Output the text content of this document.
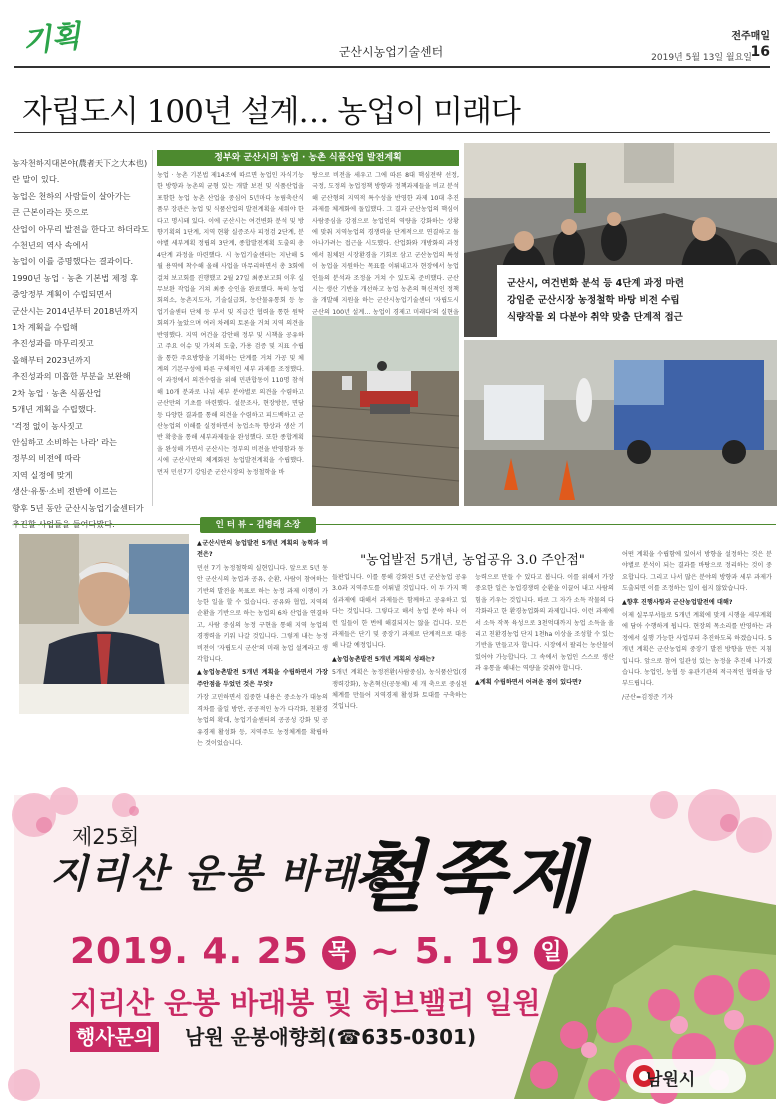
기획	군산시농업기술센터
전주매일
2019년 5월 13일 월요일
16
자립도시 100년 설계… 농업이 미래다

농자천하지대본야(農者天下之大本也)

란 말이 있다.

농업은 천하의 사람들이 살아가는

큰 근본이라는 뜻으로

산업이 아무리 발전을 한다고 하더라도

수천년의 역사 속에서

농업이 이를 증명했다는 결과이다.

1990년 농업 · 농촌 기본법 제정 후

중앙정부 계획이 수립되면서

군산시는 2014년부터 2018년까지

1차 계획을 수립해

추진성과를 마무리짓고

올해부터 2023년까지

추진성과의 미흡한 부분을 보완해

2차 농업 · 농촌 식품산업

5개년 계획을 수립했다.

'걱정 없이 농사짓고

안심하고 소비하는 나라' 라는

정부의 비전에 따라

지역 실정에 맞게

생산·유통·소비 전반에 이르는

향후 5년 동안 군산시농업기술센터가

추진할 사업들을 들여다봤다.

정부와 군산시의 농업 · 농촌 식품산업 발전계획
농업 · 농촌 기본법 제14조에 따르면 농업인 자식기능한 방향과 농촌의 균형 있는 개발 보전 및 식품산업을 포함한 농업 농촌 산업을 중심어 5년마다 농림축산식품부 장관은 농업 및 식품산업의 발전계획을 세워야 한다고 명시돼 있다. 이에 군산시는 여건변화 분석 및 방향기획의 1단계, 지역 현황 실증조사 피정검 2단계, 분야별 세부계획 정립의 3단계, 종합발전계획 도출의 총 4단계 과정을 마련했다. 시 농업기술센터는 지난해 5월 용역에 착수해 올해 사업을 마무리하면서 총 3회에 걸쳐 보고회를 진행했고 2월 27일 최종보고회 이후 실무보완 작업을 거쳐 최종 승인을 완료했다. 특히 농업회의소, 농촌지도자, 기술실급회, 농산물유통회 등 농업기술센터 단체 등 부서 및 직급간 협력을 통한 원탁회의가 높았으며 여러 차례의 토론을 거쳐 지역 의견을 반영했다. 지역 여건을 감안해 정부 및 시책을 공유하고 주요 이슈 및 가치의 도출, 가용 검증 및 지표 수립을 통한 주요방향을 기획하는 단계를 거쳐 가공 및 체계의 기본구성에 따른 구체적인 세부 과제를 조정했다. 이 과정에서 의견수렴을 위해 민관합동이 110명 참석해 10개 분과로 나눠 세부 분야별로 의견을 수렴하고 군산만의 기초를 마련했다. 설문조사, 현장방문, 면담 등 다양한 결과를 통해 의견을 수렴하고 피드백하고 군산농업의 이해를 실정하면서 농업소득 향상과 생산 기반 확충을 통해 세부과제들을 완성했다. 또한 종합계획을 완성해 가면서 군산시는 정부의 비전을 반영함과 동시에 군산시만의 체계화된 농업발전계획을 수립했다. 먼저 민선7기 강임준 군산시장의 농정철학을 바
탕으로 비전을 세우고 그에 따른 8대 핵심전략 선정, 국정, 도정의 농업정책 방향과 정책과제들을 비교 분석해 군산형의 지역적 특수성을 반영한 과제 10대 추진과제를 체계화에 돌입했다. 그 결과 군산농업의 핵심이 사람중심을 강점으로 농업인의 역량을 강화하는 상황에 맞춰 지역농업의 경쟁력을 단계적으로 연결하고 돌아나가려는 접근을 시도했다. 산업화와 개방화의 과정에서 침체된 시장환경을 기회로 삼고 군산농업의 특성이 농업을 지원하는 목표를 이뤄내고자 현장에서 농업인들의 분석과 조정을 거쳐 수 있도록 준비했다. 군산시는 생산 기반을 개선하고 농업 농촌의 혁신적인 정책을 개발해 지원을 하는 군산시농업기술센터 '자립도시 군산의 100년 설계… 농업이 경제고 미래다'의 실현을
군산시, 여건변화 분석 등 4단계 과정 마련
강임준 군산시장 농정철학 바탕 비전 수립
식량작물 외 다분야 취약 맞춤 단계적 접근
인 터 뷰 – 김병래 소장
▲군산시만의 농업발전 5개년 계획의 농학과 비전은?
민선 7기 농정철학의 실현입니다. 앞으로 5년 동안 군산시의 농업과 공유, 순환, 사람이 참여하는 기반의 발전을 목표로 하는 농정 과제 이행이 가능한 일을 할 수 있습니다. 공유와 협업, 지역의 순환을 기반으로 하는 농업의 6차 산업을 연결하고, 사람 중심의 농정 구현을 통해 지역 농업의 경쟁력을 키워 나갈 것입니다. 그렇게 내는 농정 비전이 '자립도시 군산'의 미래 농업 설계라고 생각합니다.
▲농업농촌발전 5개년 계획을 수립하면서 가장 주안점을 두었던 것은 무엇?
가장 고민하면서 집중한 내용은 중소농가 대농의 격차를 줄일 방안, 공공적인 농가 다각화, 친환경농업의 확대, 농업기술센터의 공공성 강화 및 공유경제 활성화 등, 지역주도 농정체계를 확립하는 것이었습니다.
"농업발전 5개년, 농업공유 3.0 주안점"
들판입니다. 이를 통해 강화된 5년 군산농업 공유 3.0과 지역주도를 이뤄낼 것입니다. 이 두 가지 핵심과제에 대해서 과제들은 함께하고 공유하고 있다는 것입니다. 그렇다고 해서 농업 분야 하나 이런 일들이 한 번에 해결되지는 않을 겁니다. 모든 과제들은 단기 및 중장기 과제로 단계적으로 대응해 나갈 예정입니다.
▲농업농촌발전 5개년 계획의 성패는?
5개년 계획은 농정전환(사람중심), 농식품산업(경쟁력강화), 농촌혁신(공동체) 세 개 축으로 중심된 체계를 만들어 지역경제 활성화 토대를 구축하는 것입니다.
능력으로 만들 수 있다고 봅니다. 이를 위해서 가장 중요한 일은 농업경쟁력 순환을 이끌어 내고 사람의 힘을 키우는 것입니다. 따로 그 자가 소득 작물의 다각화라고 한 환경농업화의 과제입니다. 이런 과제에서 소득 작목 육성으로 3천억대까지 농업 소득을 올리고 친환경농업 단지 1천ha 이상을 조성할 수 있는 기반을 만들고자 합니다. 시장에서 팔리는 농산물이 있어야 가능합니다. 그 속에서 농업인 스스로 생산과 유통을 해내는 역량을 갖춰야 합니다.
▲계획 수립하면서 어려운 점이 있다면?
어떤 계획을 수립함에 있어서 방향을 설정하는 것은 분야별로 분석이 되는 결과를 바탕으로 정리하는 것이 중요합니다. 그리고 나서 많은 분야의 방향과 세부 과제가 도출되면 이를 조정하는 일이 쉽지 않았습니다.
▲향후 진행사항과 군산농업발전에 대해?
이제 실무부서들로 5개년 계획에 맞게 시행을 세부계획에 담아 수행하게 됩니다. 현장의 목소리를 반영하는 과정에서 실행 가능한 사업부터 추진하도록 하겠습니다. 5개년 계획은 군산농업의 중장기 발전 방향을 만든 지침입니다. 앞으로 참여 일관성 있는 농정을 추진해 나가겠습니다. 농업인, 농협 등 유관기관의 적극적인 협력을 당부드립니다.
/군산=김정준 기자
제25회
지리산 운봉 바래봉
철쭉제
2019. 4. 25 목 ~ 5. 19 일
지리산 운봉 바래봉 및 허브밸리 일원
행사문의	남원 운봉애향회(☎635-0301)
남원시
